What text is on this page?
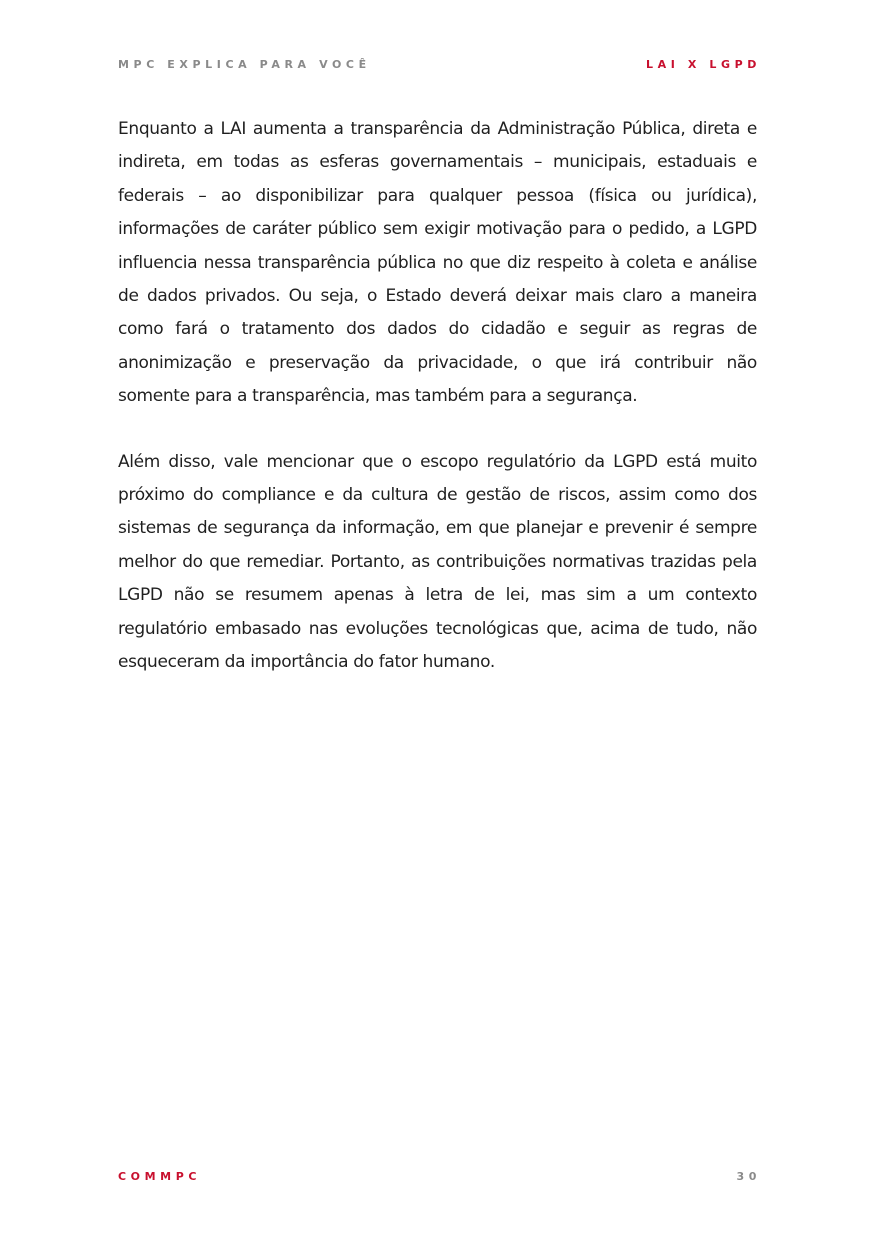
MPC EXPLICA PARA VOCÊ	LAI X LGPD

Enquanto a LAI aumenta a transparência da Administração Pública, direta e indireta, em todas as esferas governamentais – municipais, estaduais e federais – ao disponibilizar para qualquer pessoa (física ou jurídica), informações de caráter público sem exigir motivação para o pedido, a LGPD influencia nessa transparência pública no que diz respeito à coleta e análise de dados privados. Ou seja, o Estado deverá deixar mais claro a maneira como fará o tratamento dos dados do cidadão e seguir as regras de anonimização e preservação da privacidade, o que irá contribuir não somente para a transparência, mas também para a segurança.

Além disso, vale mencionar que o escopo regulatório da LGPD está muito próximo do compliance e da cultura de gestão de riscos, assim como dos sistemas de segurança da informação, em que planejar e prevenir é sempre melhor do que remediar. Portanto, as contribuições normativas trazidas pela LGPD não se resumem apenas à letra de lei, mas sim a um contexto regulatório embasado nas evoluções tecnológicas que, acima de tudo, não esqueceram da importância do fator humano.

COMMPC	30
